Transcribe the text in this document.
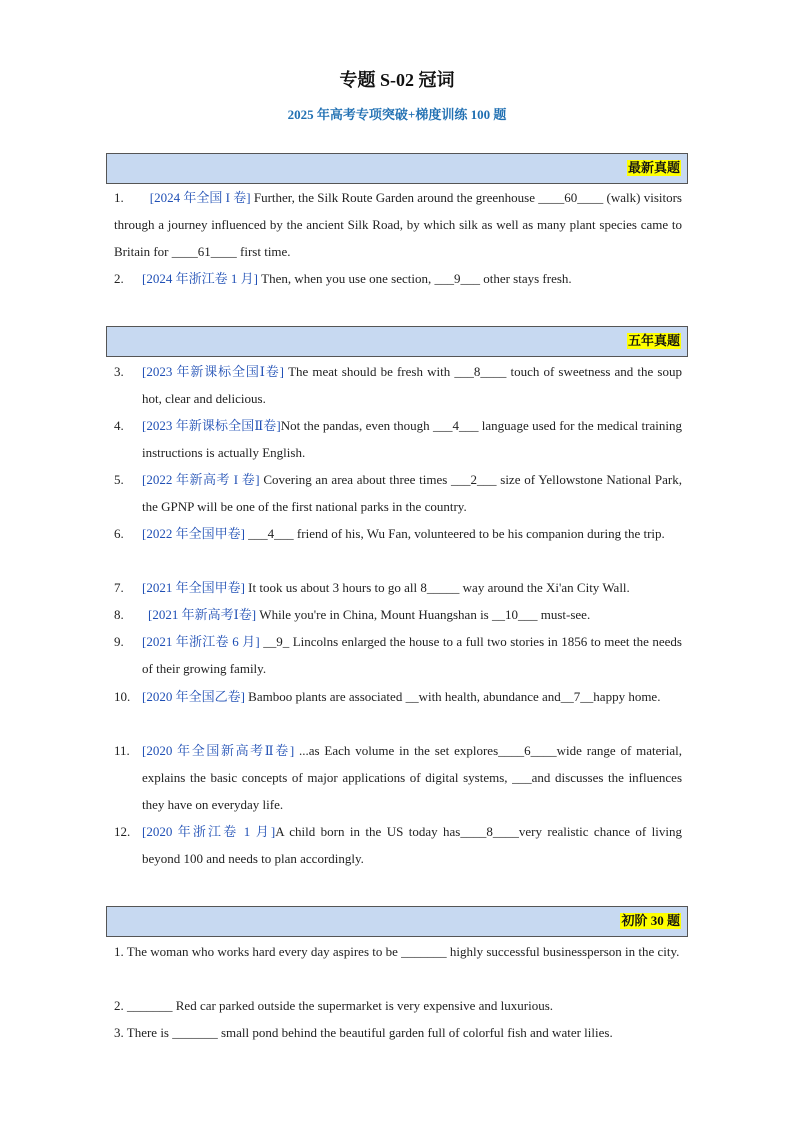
专题 S-02 冠词
2025 年高考专项突破+梯度训练 100 题
最新真题
1. [2024 年全国 I 卷] Further, the Silk Route Garden around the greenhouse ____60____ (walk) visitors through a journey influenced by the ancient Silk Road, by which silk as well as many plant species came to Britain for ____61____ first time.
2. [2024 年浙江卷 1 月] Then, when you use one section, ___9___ other stays fresh.
五年真题
3. [2023 年新课标全国Ⅰ卷] The meat should be fresh with ___8____ touch of sweetness and the soup hot, clear and delicious.
4. [2023 年新课标全国Ⅱ卷]Not the pandas, even though ___4___ language used for the medical training instructions is actually English.
5. [2022 年新高考 I 卷] Covering an area about three times ___2___ size of Yellowstone National Park, the GPNP will be one of the first national parks in the country.
6. [2022 年全国甲卷] ___4___ friend of his, Wu Fan, volunteered to be his companion during the trip.
7. [2021 年全国甲卷] It took us about 3 hours to go all 8_____ way around the Xi'an City Wall.
8. [2021 年新高考Ⅰ卷] While you're in China, Mount Huangshan is __10___ must-see.
9. [2021 年浙江卷 6 月] __9_ Lincolns enlarged the house to a full two stories in 1856 to meet the needs of their growing family.
10. [2020 年全国乙卷] Bamboo plants are associated __with health, abundance and__7__happy home.
11. [2020 年全国新高考Ⅱ卷] ...as Each volume in the set explores____6____wide range of material, explains the basic concepts of major applications of digital systems, ___and discusses the influences they have on everyday life.
12. [2020 年浙江卷 1 月]A child born in the US today has____8____very realistic chance of living beyond 100 and needs to plan accordingly.
初阶 30 题
1. The woman who works hard every day aspires to be _______ highly successful businessperson in the city.
2. _______ Red car parked outside the supermarket is very expensive and luxurious.
3. There is _______ small pond behind the beautiful garden full of colorful fish and water lilies.
